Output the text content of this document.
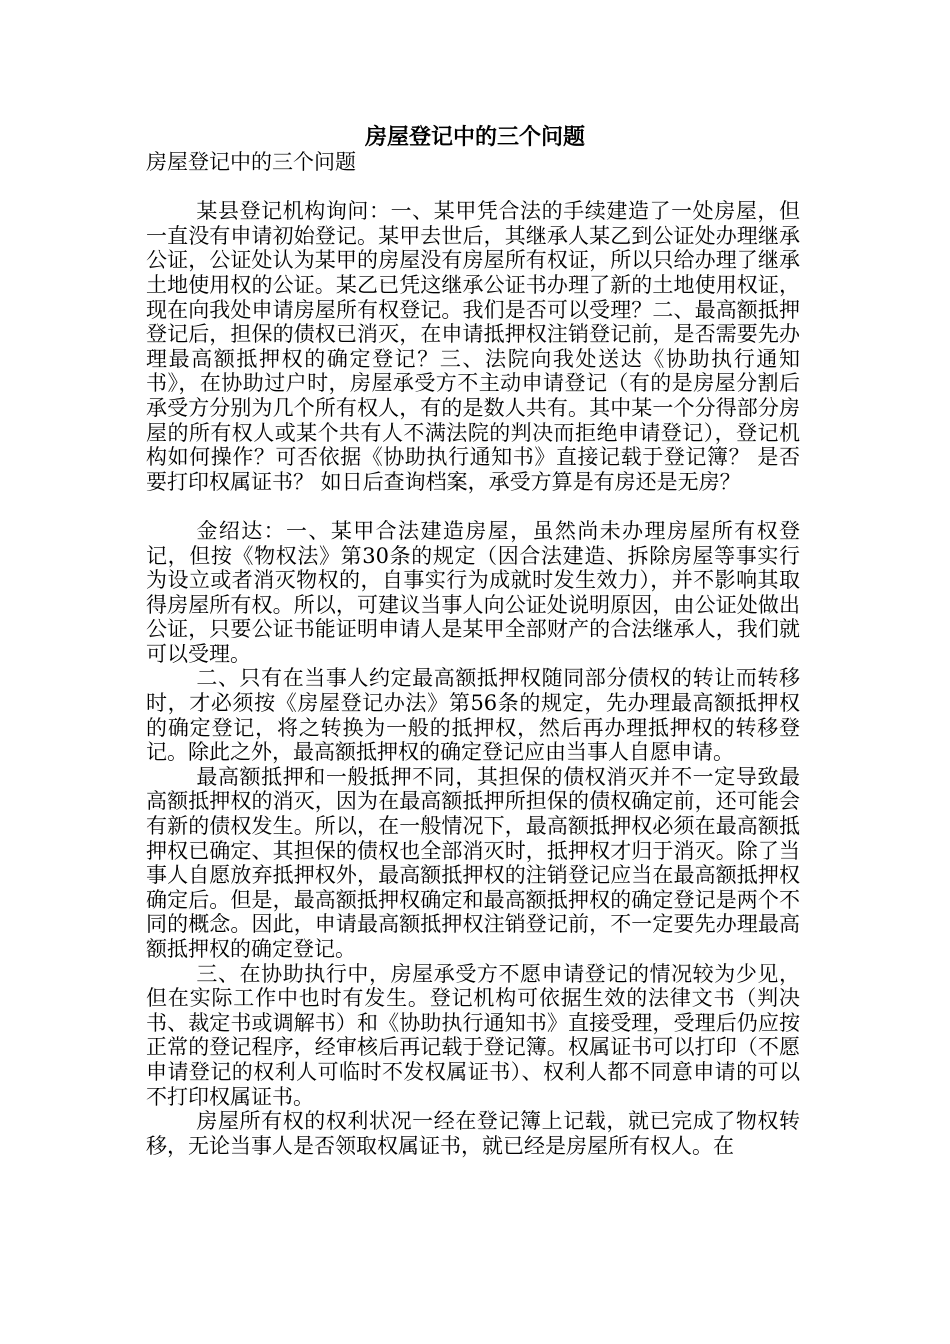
房屋登记中的三个问题

房屋登记中的三个问题

某县登记机构询问：一、某甲凭合法的手续建造了一处房屋，但一直没有申请初始登记。某甲去世后，其继承人某乙到公证处办理继承公证，公证处认为某甲的房屋没有房屋所有权证，所以只给办理了继承土地使用权的公证。某乙已凭这继承公证书办理了新的土地使用权证，现在向我处申请房屋所有权登记。我们是否可以受理？二、最高额抵押登记后，担保的债权已消灭，在申请抵押权注销登记前，是否需要先办理最高额抵押权的确定登记？三、法院向我处送达《协助执行通知书》，在协助过户时，房屋承受方不主动申请登记（有的是房屋分割后承受方分别为几个所有权人，有的是数人共有。其中某一个分得部分房屋的所有权人或某个共有人不满法院的判决而拒绝申请登记），登记机构如何操作？可否依据《协助执行通知书》直接记载于登记簿？ 是否要打印权属证书？ 如日后查询档案，承受方算是有房还是无房？

金绍达：一、某甲合法建造房屋，虽然尚未办理房屋所有权登记，但按《物权法》第30条的规定（因合法建造、拆除房屋等事实行为设立或者消灭物权的，自事实行为成就时发生效力），并不影响其取得房屋所有权。所以，可建议当事人向公证处说明原因，由公证处做出公证，只要公证书能证明申请人是某甲全部财产的合法继承人，我们就可以受理。

二、只有在当事人约定最高额抵押权随同部分债权的转让而转移时，才必须按《房屋登记办法》第56条的规定，先办理最高额抵押权的确定登记，将之转换为一般的抵押权，然后再办理抵押权的转移登记。除此之外，最高额抵押权的确定登记应由当事人自愿申请。

最高额抵押和一般抵押不同，其担保的债权消灭并不一定导致最高额抵押权的消灭，因为在最高额抵押所担保的债权确定前，还可能会有新的债权发生。所以，在一般情况下，最高额抵押权必须在最高额抵押权已确定、其担保的债权也全部消灭时，抵押权才归于消灭。除了当事人自愿放弃抵押权外，最高额抵押权的注销登记应当在最高额抵押权确定后。但是，最高额抵押权确定和最高额抵押权的确定登记是两个不同的概念。因此，申请最高额抵押权注销登记前，不一定要先办理最高额抵押权的确定登记。

三、在协助执行中，房屋承受方不愿申请登记的情况较为少见，但在实际工作中也时有发生。登记机构可依据生效的法律文书（判决书、裁定书或调解书）和《协助执行通知书》直接受理，受理后仍应按正常的登记程序，经审核后再记载于登记簿。权属证书可以打印（不愿申请登记的权利人可临时不发权属证书）、权利人都不同意申请的可以不打印权属证书。

房屋所有权的权利状况一经在登记簿上记载，就已完成了物权转移，无论当事人是否领取权属证书，就已经是房屋所有权人。在
